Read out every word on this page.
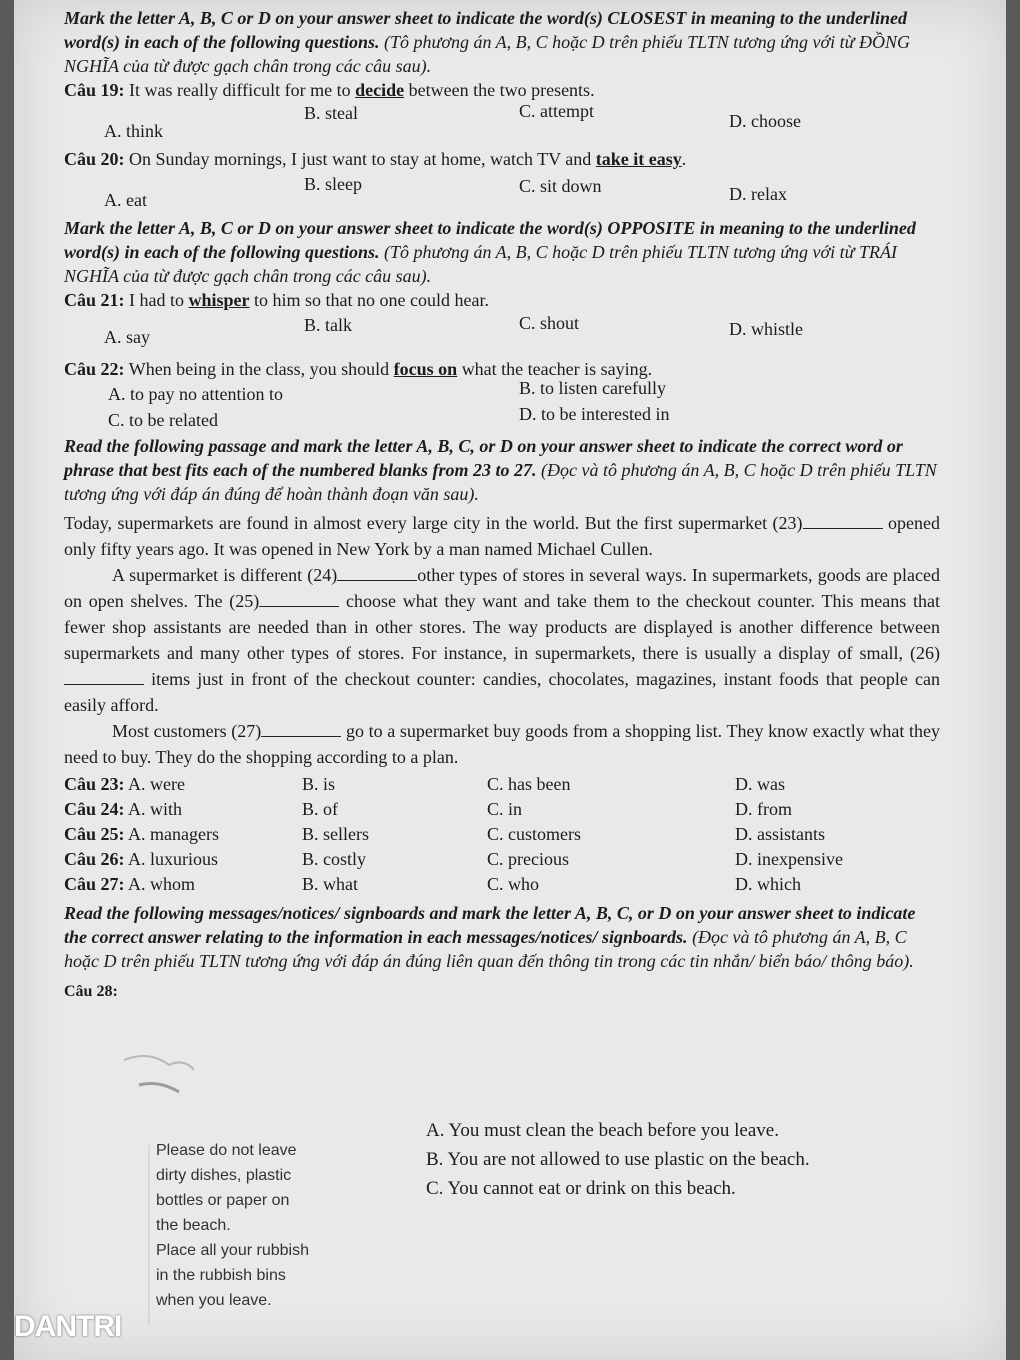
Mark the letter A, B, C or D on your answer sheet to indicate the word(s) CLOSEST in meaning to the underlined word(s) in each of the following questions. (Tô phương án A, B, C hoặc D trên phiếu TLTN tương ứng với từ ĐỒNG NGHĨA của từ được gạch chân trong các câu sau).

Câu 19: It was really difficult for me to decide between the two presents.

A. think
B. steal	C. attempt	D. choose

Câu 20: On Sunday mornings, I just want to stay at home, watch TV and take it easy.

A. eat
B. sleep	C. sit down	D. relax

Mark the letter A, B, C or D on your answer sheet to indicate the word(s) OPPOSITE in meaning to the underlined word(s) in each of the following questions. (Tô phương án A, B, C hoặc D trên phiếu TLTN tương ứng với từ TRÁI NGHĨA của từ được gạch chân trong các câu sau).

Câu 21: I had to whisper to him so that no one could hear.

A. say
B. talk	C. shout	D. whistle

Câu 22: When being in the class, you should focus on what the teacher is saying.

A. to pay no attention to	B. to listen carefully
C. to be related	D. to be interested in

Read the following passage and mark the letter A, B, C, or D on your answer sheet to indicate the correct word or phrase that best fits each of the numbered blanks from 23 to 27. (Đọc và tô phương án A, B, C hoặc D trên phiếu TLTN tương ứng với đáp án đúng để hoàn thành đoạn văn sau).

Today, supermarkets are found in almost every large city in the world. But the first supermarket (23)	opened only fifty years ago. It was opened in New York by a man named Michael Cullen.

A supermarket is different (24)	other types of stores in several ways. In supermarkets, goods are placed on open shelves. The (25)	choose what they want and take them to the checkout counter. This means that fewer shop assistants are needed than in other stores. The way products are displayed is another difference between supermarkets and many other types of stores. For instance, in supermarkets, there is usually a display of small, (26)  items just in front of the checkout counter: candies, chocolates, magazines, instant foods that people can easily afford.

Most customers (27)	go to a supermarket buy goods from a shopping list. They know exactly what they need to buy. They do the shopping according to a plan.

Câu 23: A. were	B. is	C. has been	D. was
Câu 24: A. with	B. of	C. in	D. from
Câu 25: A. managers	B. sellers	C. customers	D. assistants
Câu 26: A. luxurious	B. costly	C. precious	D. inexpensive
Câu 27: A. whom	B. what	C. who	D. which

Read the following messages/notices/ signboards and mark the letter A, B, C, or D on your answer sheet to indicate the correct answer relating to the information in each messages/notices/ signboards. (Đọc và tô phương án A, B, C hoặc D trên phiếu TLTN tương ứng với đáp án đúng liên quan đến thông tin trong các tin nhắn/ biển báo/ thông báo).

Câu 28:

Please do not leave
dirty dishes, plastic
bottles or paper on
the beach.
Place all your rubbish
in the rubbish bins
when you leave.
A. You must clean the beach before you leave.
B. You are not allowed to use plastic on the beach.
C. You cannot eat or drink on this beach.
DANTRI
